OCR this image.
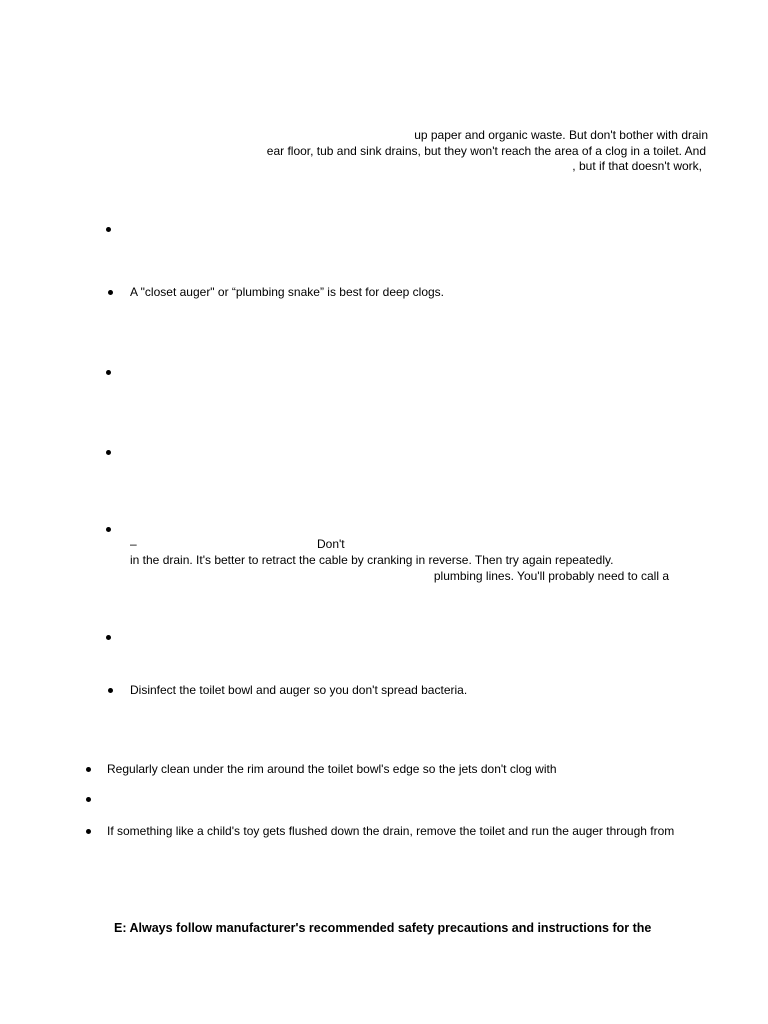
up paper and organic waste. But don't bother with drain
ear floor, tub and sink drains, but they won't reach the area of a clog in a toilet. And
, but if that doesn't work,
A "closet auger" or “plumbing snake” is best for deep clogs.
–	Don't
in the drain. It's better to retract the cable by cranking in reverse. Then try again repeatedly.
plumbing lines. You'll probably need to call a
Disinfect the toilet bowl and auger so you don't spread bacteria.
Regularly clean under the rim around the toilet bowl's edge so the jets don't clog with
If something like a child's toy gets flushed down the drain, remove the toilet and run the auger through from
E: Always follow manufacturer's recommended safety precautions and instructions for the
